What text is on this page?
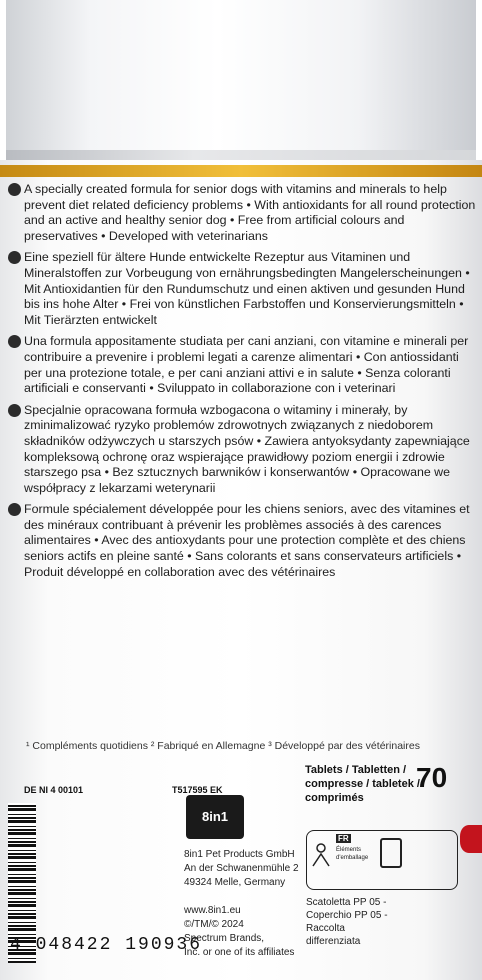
A specially created formula for senior dogs with vitamins and minerals to help prevent diet related deficiency problems • With antioxidants for all round protection and an active and healthy senior dog • Free from artificial colours and preservatives • Developed with veterinarians
Eine speziell für ältere Hunde entwickelte Rezeptur aus Vitaminen und Mineralstoffen zur Vorbeugung von ernährungsbedingten Mangelerscheinungen • Mit Antioxidantien für den Rundumschutz und einen aktiven und gesunden Hund bis ins hohe Alter • Frei von künstlichen Farbstoffen und Konservierungsmitteln • Mit Tierärzten entwickelt
Una formula appositamente studiata per cani anziani, con vitamine e minerali per contribuire a prevenire i problemi legati a carenze alimentari • Con antiossidanti per una protezione totale, e per cani anziani attivi e in salute • Senza coloranti artificiali e conservanti • Sviluppato in collaborazione con i veterinari
Specjalnie opracowana formuła wzbogacona o witaminy i minerały, by zminimalizować ryzyko problemów zdrowotnych związanych z niedoborem składników odżywczych u starszych psów • Zawiera antyoksydanty zapewniające kompleksową ochronę oraz wspierające prawidłowy poziom energii i zdrowie starszego psa • Bez sztucznych barwników i konserwantów • Opracowane we współpracy z lekarzami weterynarii
Formule spécialement développée pour les chiens seniors, avec des vitamines et des minéraux contribuant à prévenir les problèmes associés à des carences alimentaires • Avec des antioxydants pour une protection complète et des chiens seniors actifs en pleine santé • Sans colorants et sans conservateurs artificiels • Produit développé en collaboration avec des vétérinaires
¹ Compléments quotidiens ² Fabriqué en Allemagne ³ Développé par des vétérinaires
DE NI 4 00101	T517595 EK
4 048422 190936
8in1
8in1 Pet Products GmbH
An der Schwanenmühle 2
49324 Melle, Germany

www.8in1.eu
©/TM/© 2024
Spectrum Brands,
Inc. or one of its affiliates
Tablets / Tabletten /
compresse / tabletek /
comprimés
70
FR
Éléments d'emballage
Scatoletta PP 05 -
Coperchio PP 05 -
Raccolta
differenziata
